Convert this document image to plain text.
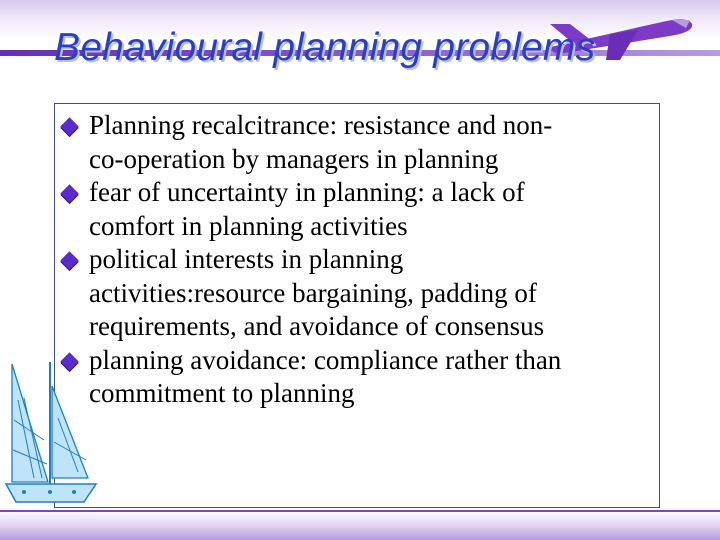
Behavioural planning problems
Planning recalcitrance: resistance and non-
co-operation by managers in planning
fear of uncertainty in planning: a lack of
comfort in planning activities
political interests in planning
activities:resource bargaining, padding of
requirements, and avoidance of consensus
planning avoidance: compliance rather than
commitment to planning
